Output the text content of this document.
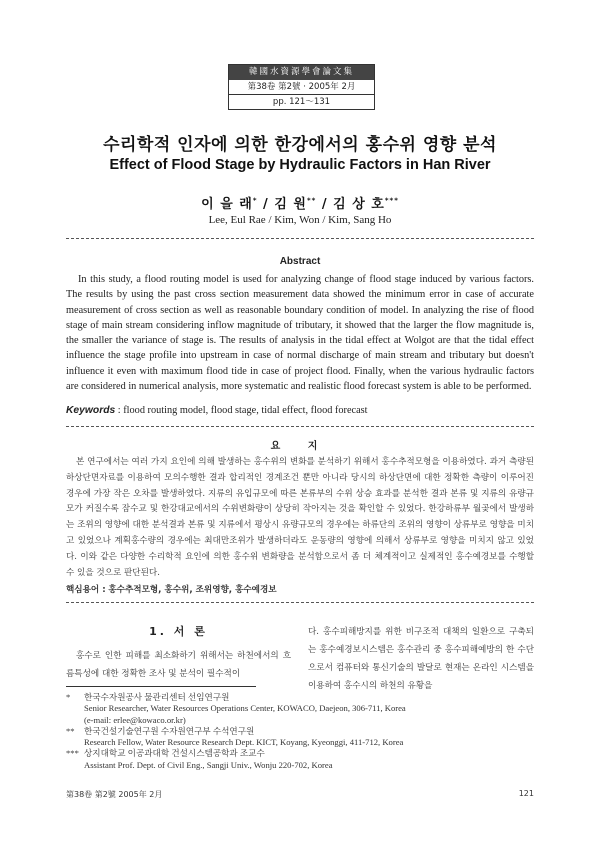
韓國水資源學會論文集
第38卷 第2號 · 2005年 2月
pp. 121～131
수리학적 인자에 의한 한강에서의 홍수위 영향 분석
Effect of Flood Stage by Hydraulic Factors in Han River
이 을 래* / 김 원** / 김 상 호***
Lee, Eul Rae / Kim, Won / Kim, Sang Ho
Abstract
In this study, a flood routing model is used for analyzing change of flood stage induced by various factors. The results by using the past cross section measurement data showed the minimum error in case of accurate measurement of cross section as well as reasonable boundary condition of model. In analyzing the rise of flood stage of main stream considering inflow magnitude of tributary, it showed that the larger the flow magnitude is, the smaller the variance of stage is. The results of analysis in the tidal effect at Wolgot are that the tidal effect influence the stage profile into upstream in case of normal discharge of main stream and tributary but doesn't influence it even with maximum flood tide in case of project flood. Finally, when the various hydraulic factors are considered in numerical analysis, more systematic and realistic flood forecast system is able to be performed.
Keywords : flood routing model, flood stage, tidal effect, flood forecast
요 지
본 연구에서는 여러 가지 요인에 의해 발생하는 홍수위의 변화를 분석하기 위해서 홍수추적모형을 이용하였다. 과거 측량된 하상단면자료를 이용하여 모의수행한 결과 합리적인 경계조건 뿐만 아니라 당시의 하상단면에 대한 정확한 측량이 이루어진 경우에 가장 작은 오차를 발생하였다. 지류의 유입규모에 따른 본류부의 수위 상승 효과를 분석한 결과 본류 및 지류의 유량규모가 커질수록 잠수교 및 한강대교에서의 수위변화량이 상당히 작아지는 것을 확인할 수 있었다. 한강하류부 월곶에서 발생하는 조위의 영향에 대한 분석결과 본류 및 지류에서 평상시 유량규모의 경우에는 하류단의 조위의 영향이 상류부로 영향을 미치고 있었으나 계획홍수량의 경우에는 최대만조위가 발생하더라도 운동량의 영향에 의해서 상류부로 영향을 미치지 않고 있었다. 이와 같은 다양한 수리학적 요인에 의한 홍수위 변화량을 분석함으로서 좀 더 체계적이고 실제적인 홍수예경보를 수행할 수 있을 것으로 판단된다.
핵심용어 : 홍수추적모형, 홍수위, 조위영향, 홍수예경보
1. 서 론
홍수로 인한 피해를 최소화하기 위해서는 하천에서의 흐름특성에 대한 정확한 조사 및 분석이 필수적이
다. 홍수피해방지를 위한 비구조적 대책의 일환으로 구축되는 홍수예경보시스템은 홍수관리 중 홍수피해예방의 한 수단으로서 컴퓨터와 통신기술의 발달로 현재는 온라인 시스템을 이용하여 홍수시의 하천의 유황을
*	한국수자원공사 물관리센터 선임연구원
Senior Researcher, Water Resources Operations Center, KOWACO, Daejeon, 306-711, Korea
(e-mail: erlee@kowaco.or.kr)
**	한국건설기술연구원 수자원연구부 수석연구원
Research Fellow, Water Resource Research Dept. KICT, Koyang, Kyeonggi, 411-712, Korea
*** 상지대학교 이공과대학 건설시스템공학과 조교수
Assistant Prof. Dept. of Civil Eng., Sangji Univ., Wonju 220-702, Korea
第38卷 第2號 2005年 2月	121
